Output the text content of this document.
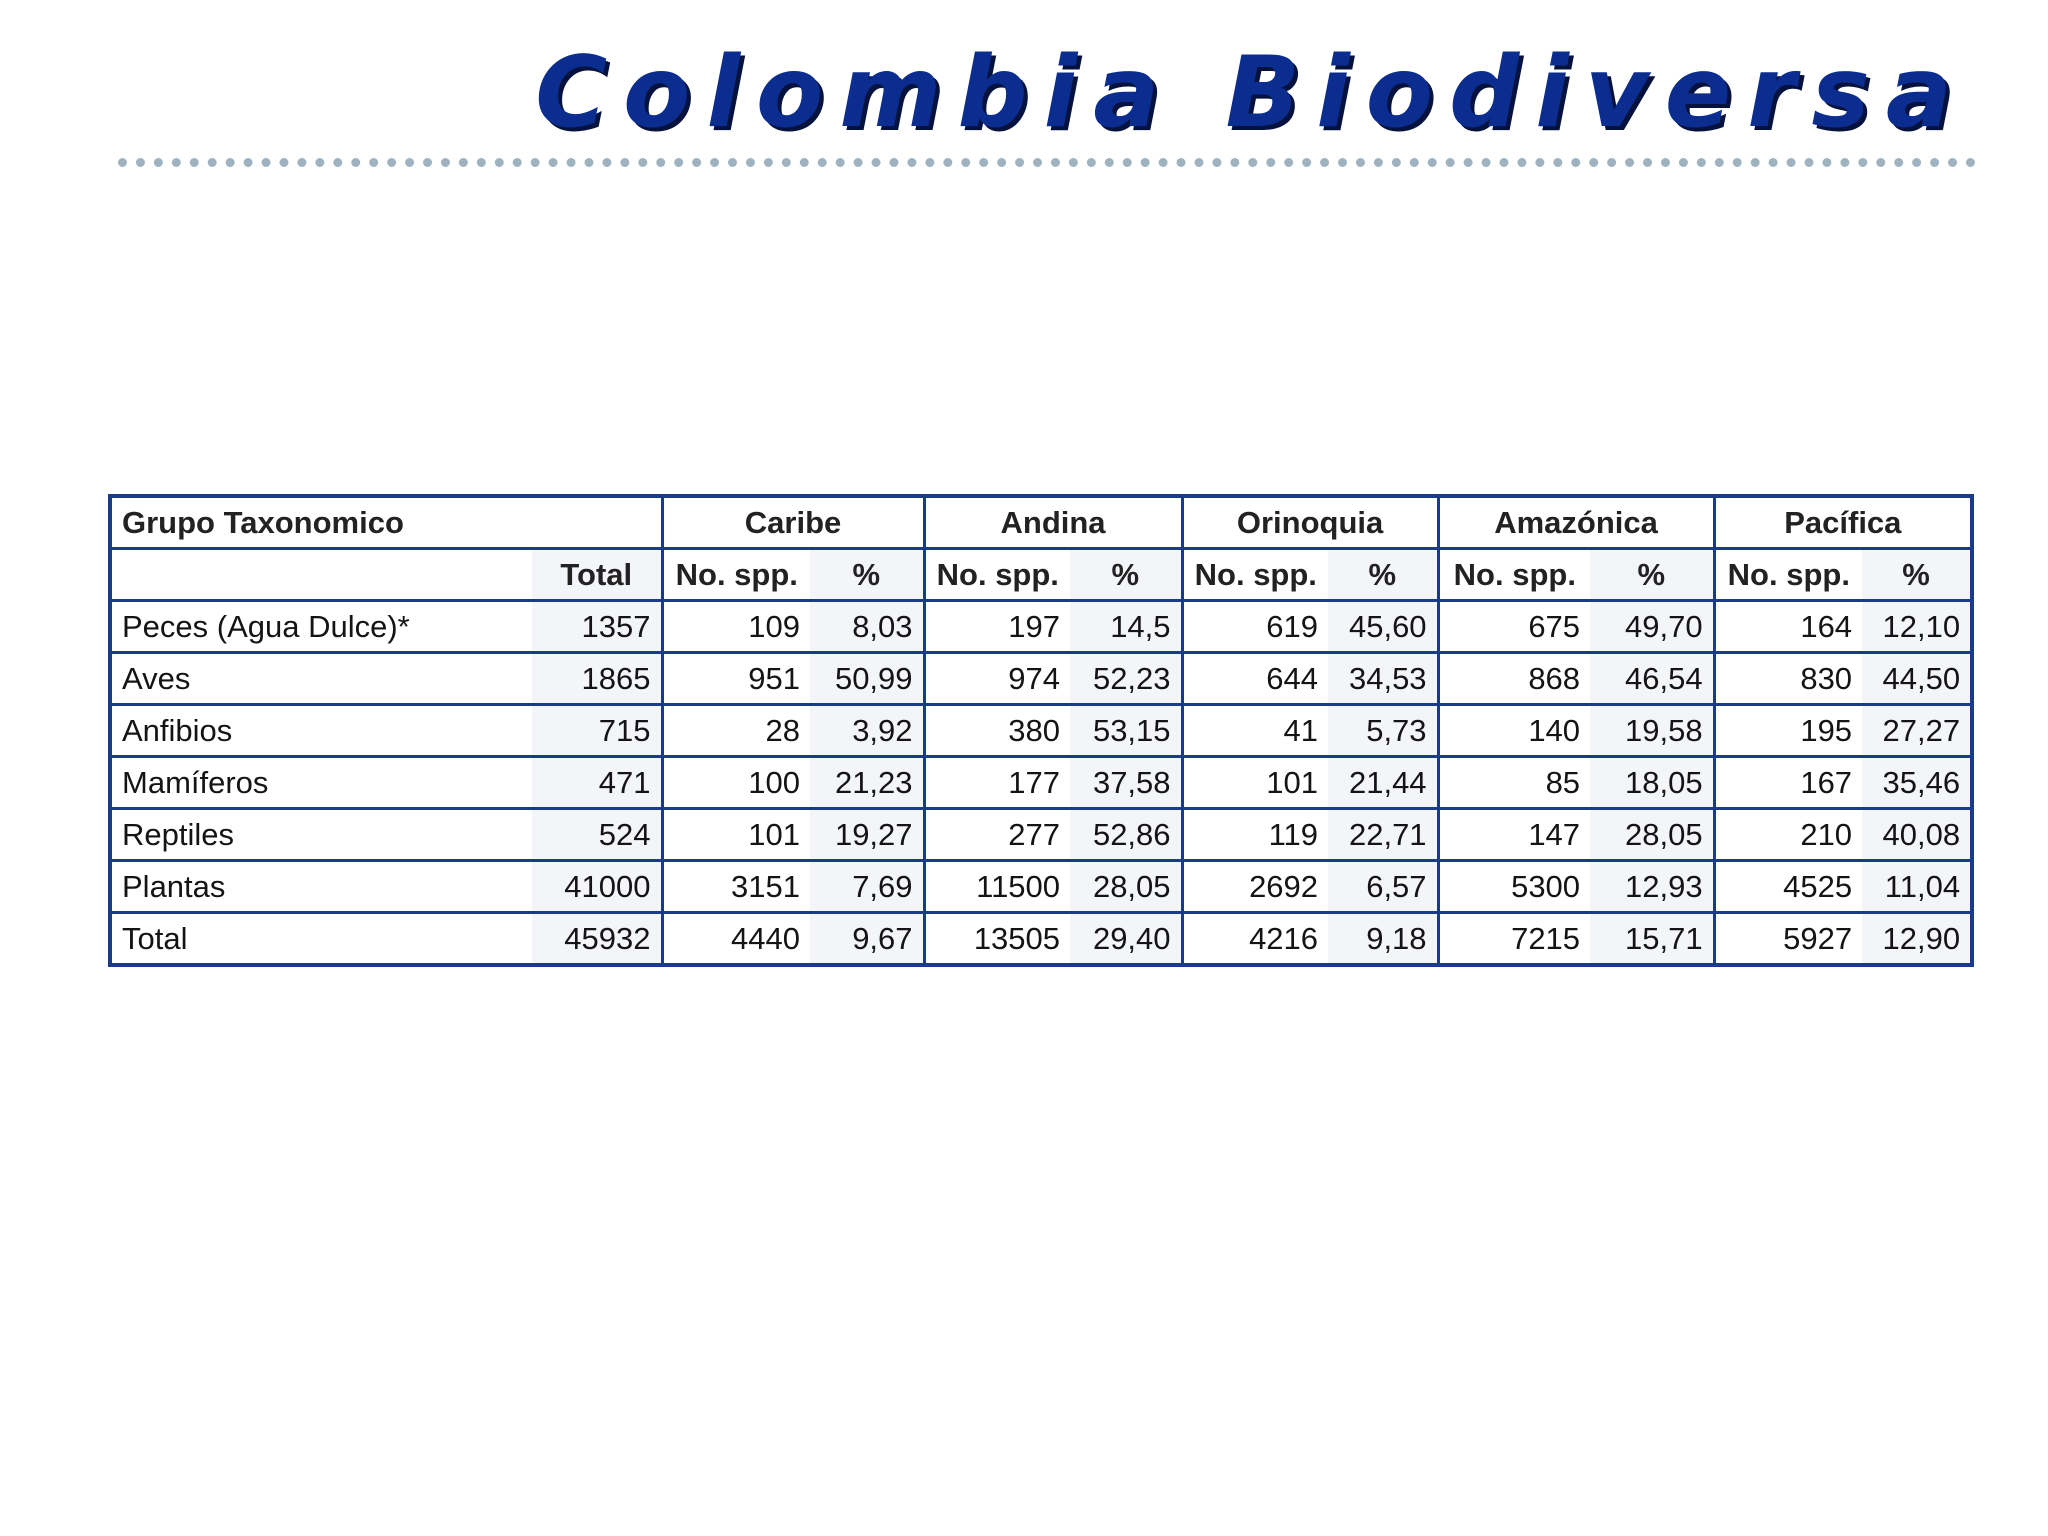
Colombia Biodiversa
Grupo Taxonomico		Caribe		Andina		Orinoquia		Amazónica		Pacífica	
	Total	No. spp.	%	No. spp.	%	No. spp.	%	No. spp.	%	No. spp.	%
Peces (Agua Dulce)*	1357	109	8,03	197	14,5	619	45,60	675	49,70	164	12,10
Aves	1865	951	50,99	974	52,23	644	34,53	868	46,54	830	44,50
Anfibios	715	28	3,92	380	53,15	41	5,73	140	19,58	195	27,27
Mamíferos	471	100	21,23	177	37,58	101	21,44	85	18,05	167	35,46
Reptiles	524	101	19,27	277	52,86	119	22,71	147	28,05	210	40,08
Plantas	41000	3151	7,69	11500	28,05	2692	6,57	5300	12,93	4525	11,04
Total	45932	4440	9,67	13505	29,40	4216	9,18	7215	15,71	5927	12,90
